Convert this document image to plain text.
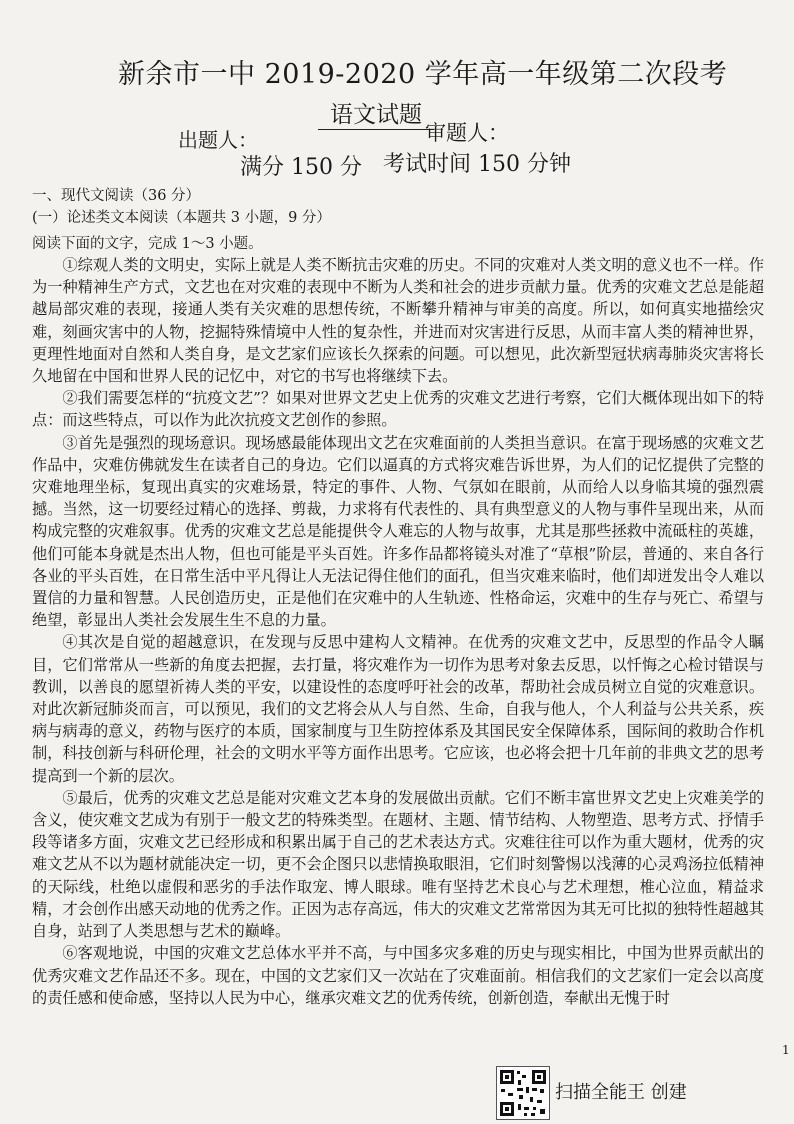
新余市一中 2019-2020 学年高一年级第二次段考
语文试题
出题人：	审题人：
满分 150 分 考试时间 150 分钟
一、现代文阅读（36 分）
(一）论述类文本阅读（本题共 3 小题，9 分）
阅读下面的文字，完成 1～3 小题。

①综观人类的文明史，实际上就是人类不断抗击灾难的历史。不同的灾难对人类文明的意义也不一样。作为一种精神生产方式，文艺也在对灾难的表现中不断为人类和社会的进步贡献力量。优秀的灾难文艺总是能超越局部灾难的表现，接通人类有关灾难的思想传统，不断攀升精神与审美的高度。所以，如何真实地描绘灾难，刻画灾害中的人物，挖掘特殊情境中人性的复杂性，并进而对灾害进行反思，从而丰富人类的精神世界，更理性地面对自然和人类自身，是文艺家们应该长久探索的问题。可以想见，此次新型冠状病毒肺炎灾害将长久地留在中国和世界人民的记忆中，对它的书写也将继续下去。

②我们需要怎样的“抗疫文艺”？如果对世界文艺史上优秀的灾难文艺进行考察，它们大概体现出如下的特点：而这些特点，可以作为此次抗疫文艺创作的参照。

③首先是强烈的现场意识。现场感最能体现出文艺在灾难面前的人类担当意识。在富于现场感的灾难文艺作品中，灾难仿佛就发生在读者自己的身边。它们以逼真的方式将灾难告诉世界，为人们的记忆提供了完整的灾难地理坐标，复现出真实的灾难场景，特定的事件、人物、气氛如在眼前，从而给人以身临其境的强烈震撼。当然，这一切要经过精心的选择、剪裁，力求将有代表性的、具有典型意义的人物与事件呈现出来，从而构成完整的灾难叙事。优秀的灾难文艺总是能提供令人难忘的人物与故事，尤其是那些拯救中流砥柱的英雄，他们可能本身就是杰出人物，但也可能是平头百姓。许多作品都将镜头对准了“草根”阶层，普通的、来自各行各业的平头百姓，在日常生活中平凡得让人无法记得住他们的面孔，但当灾难来临时，他们却迸发出令人难以置信的力量和智慧。人民创造历史，正是他们在灾难中的人生轨迹、性格命运，灾难中的生存与死亡、希望与绝望，彰显出人类社会发展生生不息的力量。

④其次是自觉的超越意识，在发现与反思中建构人文精神。在优秀的灾难文艺中，反思型的作品令人瞩目，它们常常从一些新的角度去把握，去打量，将灾难作为一切作为思考对象去反思，以忏悔之心检讨错误与教训，以善良的愿望祈祷人类的平安，以建设性的态度呼吁社会的改革，帮助社会成员树立自觉的灾难意识。对此次新冠肺炎而言，可以预见，我们的文艺将会从人与自然、生命，自我与他人，个人利益与公共关系，疾病与病毒的意义，药物与医疗的本质，国家制度与卫生防控体系及其国民安全保障体系，国际间的救助合作机制，科技创新与科研伦理，社会的文明水平等方面作出思考。它应该，也必将会把十几年前的非典文艺的思考提高到一个新的层次。

⑤最后，优秀的灾难文艺总是能对灾难文艺本身的发展做出贡献。它们不断丰富世界文艺史上灾难美学的含义，使灾难文艺成为有别于一般文艺的特殊类型。在题材、主题、情节结构、人物塑造、思考方式、抒情手段等诸多方面，灾难文艺已经形成和积累出属于自己的艺术表达方式。灾难往往可以作为重大题材，优秀的灾难文艺从不以为题材就能决定一切，更不会企图只以悲情换取眼泪，它们时刻警惕以浅薄的心灵鸡汤拉低精神的天际线，杜绝以虚假和恶劣的手法作取宠、博人眼球。唯有坚持艺术良心与艺术理想，椎心泣血，精益求精，才会创作出感天动地的优秀之作。正因为志存高远，伟大的灾难文艺常常因为其无可比拟的独特性超越其自身，站到了人类思想与艺术的巅峰。

⑥客观地说，中国的灾难文艺总体水平并不高，与中国多灾多难的历史与现实相比，中国为世界贡献出的优秀灾难文艺作品还不多。现在，中国的文艺家们又一次站在了灾难面前。相信我们的文艺家们一定会以高度的责任感和使命感，坚持以人民为中心，继承灾难文艺的优秀传统，创新创造，奉献出无愧于时

扫描全能王 创建
1
